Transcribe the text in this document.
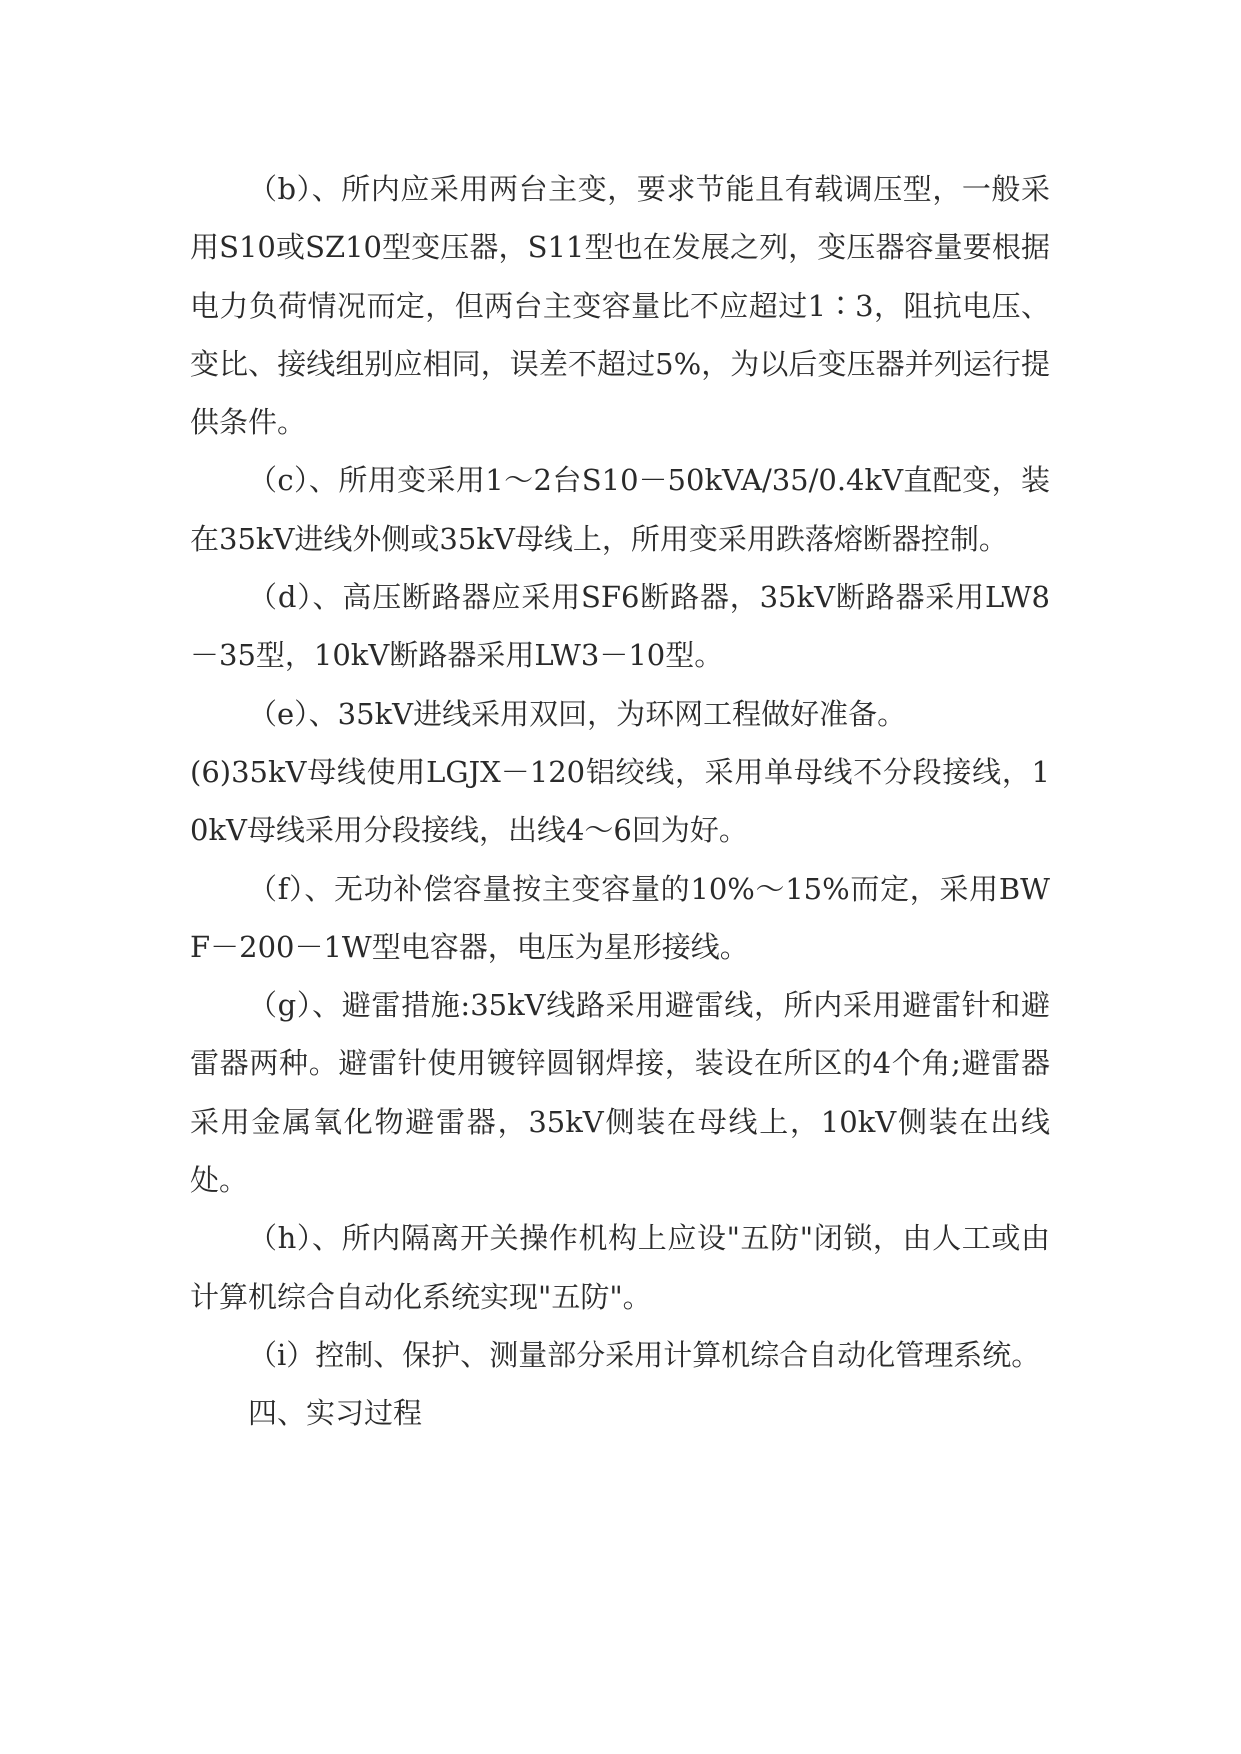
（b）、所内应采用两台主变，要求节能且有载调压型，一般采用S10或SZ10型变压器，S11型也在发展之列，变压器容量要根据电力负荷情况而定，但两台主变容量比不应超过1∶3，阻抗电压、变比、接线组别应相同，误差不超过5%，为以后变压器并列运行提供条件。

（c）、所用变采用1～2台S10－50kVA/35/0.4kV直配变，装在35kV进线外侧或35kV母线上，所用变采用跌落熔断器控制。

（d）、高压断路器应采用SF6断路器，35kV断路器采用LW8－35型，10kV断路器采用LW3－10型。

（e）、35kV进线采用双回，为环网工程做好准备。

(6)35kV母线使用LGJX－120铝绞线，采用单母线不分段接线，10kV母线采用分段接线，出线4～6回为好。

（f）、无功补偿容量按主变容量的10%～15%而定，采用BWF－200－1W型电容器，电压为星形接线。

（g）、避雷措施:35kV线路采用避雷线，所内采用避雷针和避雷器两种。避雷针使用镀锌圆钢焊接，装设在所区的4个角;避雷器采用金属氧化物避雷器，35kV侧装在母线上，10kV侧装在出线处。

（h）、所内隔离开关操作机构上应设"五防"闭锁，由人工或由计算机综合自动化系统实现"五防"。

（i）控制、保护、测量部分采用计算机综合自动化管理系统。

四、实习过程
